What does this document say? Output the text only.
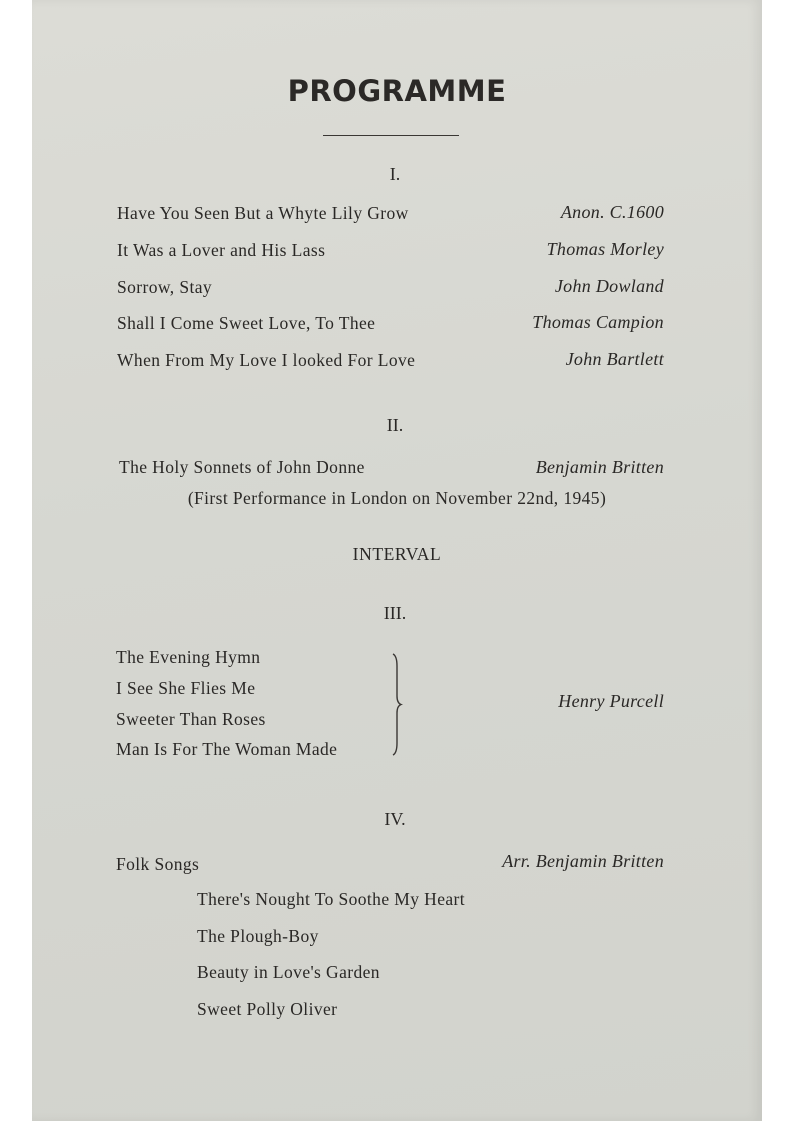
PROGRAMME
I.
Have You Seen But a Whyte Lily Grow	Anon. C.1600
It Was a Lover and His Lass	Thomas Morley
Sorrow, Stay	John Dowland
Shall I Come Sweet Love, To Thee	Thomas Campion
When From My Love I looked For Love	John Bartlett
II.
The Holy Sonnets of John Donne	Benjamin Britten
(First Performance in London on November 22nd, 1945)
INTERVAL
III.
The Evening Hymn
I See She Flies Me
Sweeter Than Roses
Man Is For The Woman Made
Henry Purcell
IV.
Folk Songs	Arr. Benjamin Britten
There's Nought To Soothe My Heart
The Plough-Boy
Beauty in Love's Garden
Sweet Polly Oliver
